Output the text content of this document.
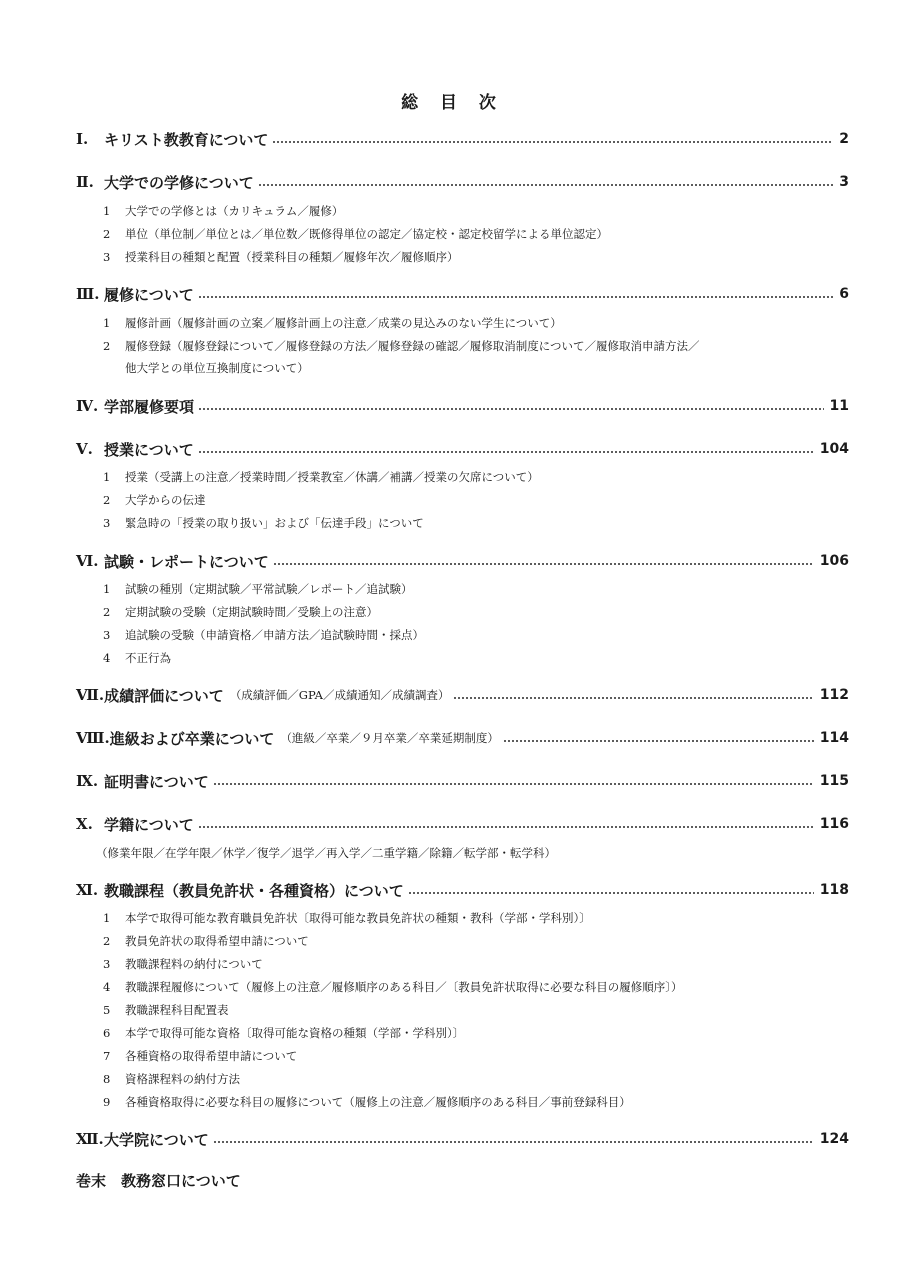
総 目 次
Ⅰ.	キリスト教教育について	2
Ⅱ. 大学での学修について	3
1 大学での学修とは（カリキュラム／履修）
2 単位（単位制／単位とは／単位数／既修得単位の認定／協定校・認定校留学による単位認定）
3 授業科目の種類と配置（授業科目の種類／履修年次／履修順序）
Ⅲ. 履修について	6
1 履修計画（履修計画の立案／履修計画上の注意／成業の見込みのない学生について）
2 履修登録（履修登録について／履修登録の方法／履修登録の確認／履修取消制度について／履修取消申請方法／
他大学との単位互換制度について）
Ⅳ. 学部履修要項	11
Ⅴ. 授業について	104
1 授業（受講上の注意／授業時間／授業教室／休講／補講／授業の欠席について）
2 大学からの伝達
3 緊急時の「授業の取り扱い」および「伝達手段」について
Ⅵ. 試験・レポートについて	106
1 試験の種別（定期試験／平常試験／レポート／追試験）
2 定期試験の受験（定期試験時間／受験上の注意）
3 追試験の受験（申請資格／申請方法／追試験時間・採点）
4 不正行為
Ⅶ. 成績評価について （成績評価／GPA／成績通知／成績調査）	112
Ⅷ. 進級および卒業について （進級／卒業／９月卒業／卒業延期制度）	114
Ⅸ. 証明書について	115
Ⅹ. 学籍について	116
（修業年限／在学年限／休学／復学／退学／再入学／二重学籍／除籍／転学部・転学科）
Ⅺ. 教職課程（教員免許状・各種資格）について	118
1 本学で取得可能な教育職員免許状〔取得可能な教員免許状の種類・教科（学部・学科別）〕
2 教員免許状の取得希望申請について
3 教職課程料の納付について
4 教職課程履修について（履修上の注意／履修順序のある科目／〔教員免許状取得に必要な科目の履修順序〕）
5 教職課程科目配置表
6 本学で取得可能な資格〔取得可能な資格の種類（学部・学科別）〕
7 各種資格の取得希望申請について
8 資格課程料の納付方法
9 各種資格取得に必要な科目の履修について（履修上の注意／履修順序のある科目／事前登録科目）
Ⅻ. 大学院について	124
巻末　教務窓口について
